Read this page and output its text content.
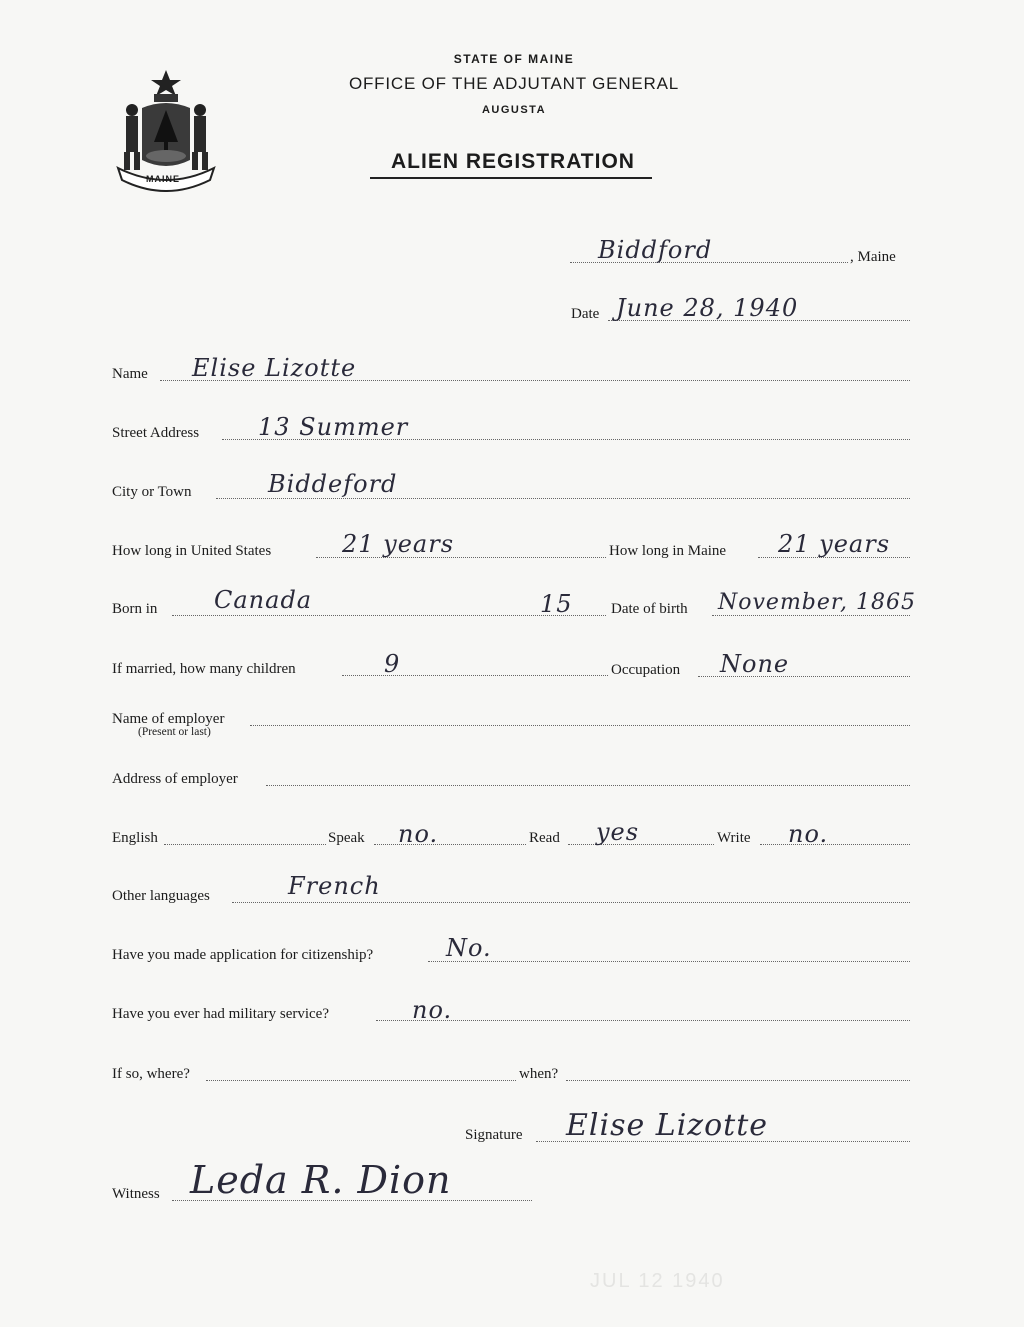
MAINE
STATE OF MAINE
OFFICE OF THE ADJUTANT GENERAL
AUGUSTA
ALIEN REGISTRATION
Biddford	, Maine
Date June 28, 1940
Name Elise Lizotte
Street Address 13 Summer
City or Town	Biddeford
How long in United States	21 years	How long in Maine 21 years
Born in Canada	15	Date of birth November, 1865
If married, how many children	9	Occupation None
Name of employer
(Present or last)
Address of employer
English	Speak no.	Read yes	Write no.
Other languages	French
Have you made application for citizenship?	No.
Have you ever had military service?	no.
If so, where?	when?
Signature Elise Lizotte
Witness Leda R. Dion
JUL 12 1940
